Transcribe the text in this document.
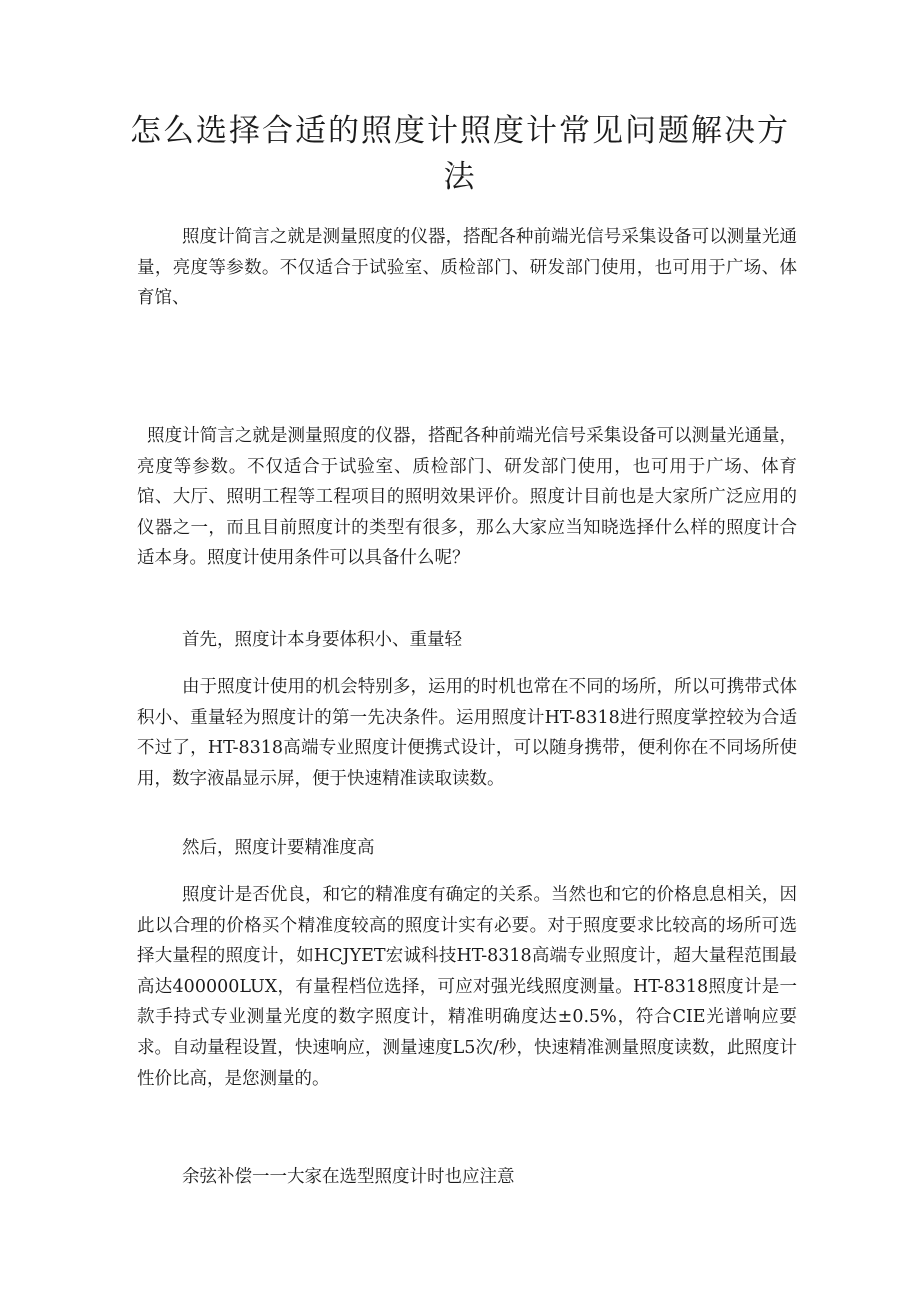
怎么选择合适的照度计照度计常见问题解决方法

照度计简言之就是测量照度的仪器，搭配各种前端光信号采集设备可以测量光通量，亮度等参数。不仅适合于试验室、质检部门、研发部门使用，也可用于广场、体育馆、

照度计简言之就是测量照度的仪器，搭配各种前端光信号采集设备可以测量光通量，亮度等参数。不仅适合于试验室、质检部门、研发部门使用，也可用于广场、体育馆、大厅、照明工程等工程项目的照明效果评价。照度计目前也是大家所广泛应用的仪器之一，而且目前照度计的类型有很多，那么大家应当知晓选择什么样的照度计合适本身。照度计使用条件可以具备什么呢？

首先，照度计本身要体积小、重量轻

由于照度计使用的机会特别多，运用的时机也常在不同的场所，所以可携带式体积小、重量轻为照度计的第一先决条件。运用照度计HT-8318进行照度掌控较为合适不过了，HT-8318高端专业照度计便携式设计，可以随身携带，便利你在不同场所使用，数字液晶显示屏，便于快速精准读取读数。

然后，照度计要精准度高

照度计是否优良，和它的精准度有确定的关系。当然也和它的价格息息相关，因此以合理的价格买个精准度较高的照度计实有必要。对于照度要求比较高的场所可选择大量程的照度计，如HCJYET宏诚科技HT-8318高端专业照度计，超大量程范围最高达400000LUX，有量程档位选择，可应对强光线照度测量。HT-8318照度计是一款手持式专业测量光度的数字照度计，精准明确度达±0.5%，符合CIE光谱响应要求。自动量程设置，快速响应，测量速度L5次/秒，快速精准测量照度读数，此照度计性价比高，是您测量的。

余弦补偿一一大家在选型照度计时也应注意
